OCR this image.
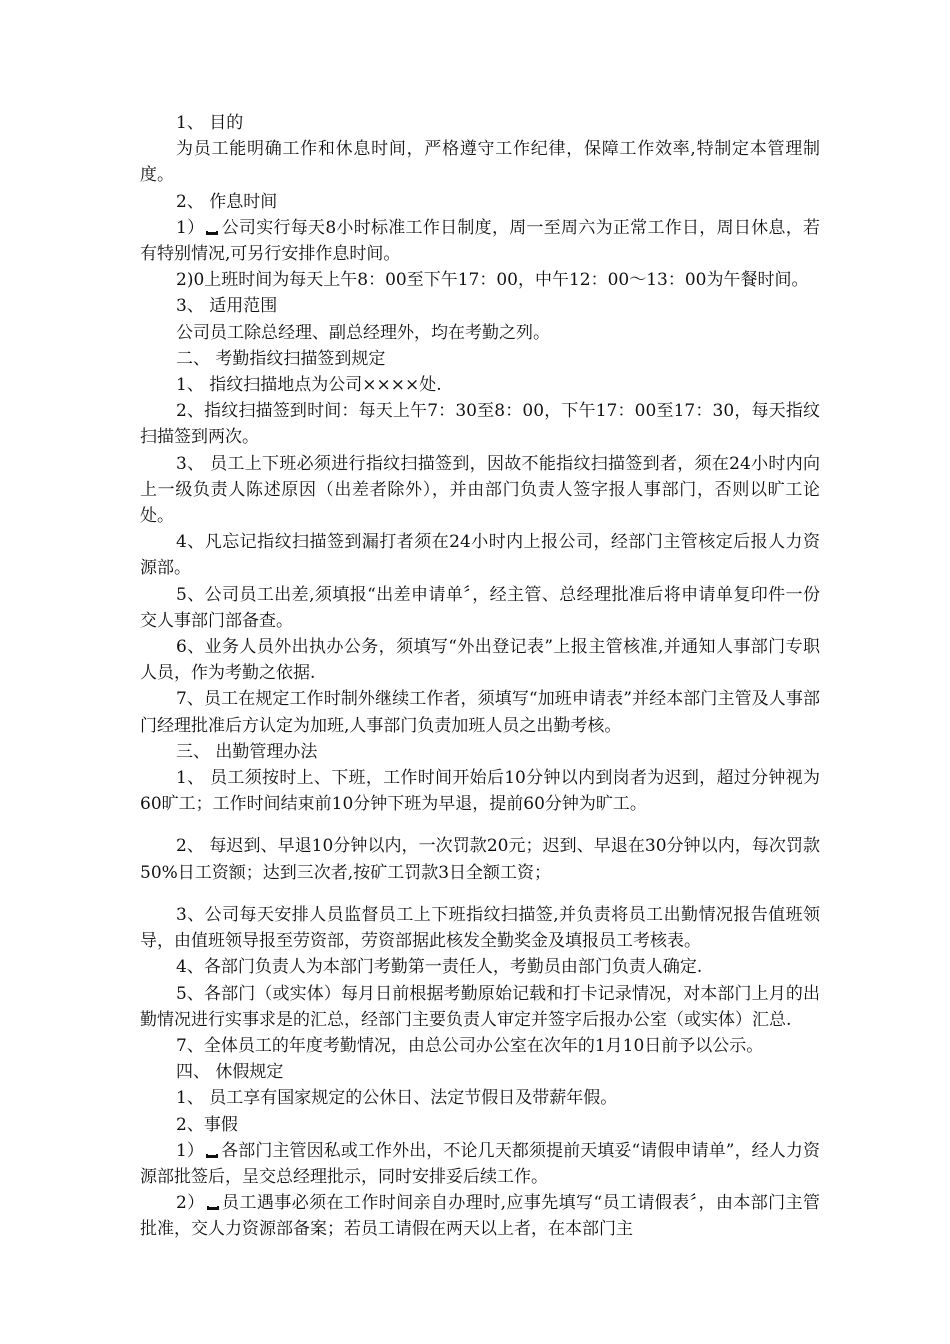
1、 目的

为员工能明确工作和休息时间，严格遵守工作纪律，保障工作效率,特制定本管理制度。

2、 作息时间

1） 公司实行每天8小时标准工作日制度，周一至周六为正常工作日，周日休息，若有特别情况,可另行安排作息时间。

2)0上班时间为每天上午8：00至下午17：00，中午12：00～13：00为午餐时间。

3、 适用范围

公司员工除总经理、副总经理外，均在考勤之列。

二、 考勤指纹扫描签到规定

1、 指纹扫描地点为公司××××处.

2、指纹扫描签到时间：每天上午7：30至8：00，下午17：00至17：30，每天指纹扫描签到两次。

3、 员工上下班必须进行指纹扫描签到，因故不能指纹扫描签到者，须在24小时内向上一级负责人陈述原因（出差者除外），并由部门负责人签字报人事部门，否则以旷工论处。

4、凡忘记指纹扫描签到漏打者须在24小时内上报公司，经部门主管核定后报人力资源部。

5、公司员工出差,须填报“出差申请单〞，经主管、总经理批准后将申请单复印件一份交人事部门部备查。

6、业务人员外出执办公务，须填写“外出登记表”上报主管核准,并通知人事部门专职人员，作为考勤之依据.

7、员工在规定工作时制外继续工作者，须填写“加班申请表”并经本部门主管及人事部门经理批准后方认定为加班,人事部门负责加班人员之出勤考核。

三、 出勤管理办法

1、 员工须按时上、下班，工作时间开始后10分钟以内到岗者为迟到，超过分钟视为60旷工；工作时间结束前10分钟下班为早退，提前60分钟为旷工。

2、 每迟到、早退10分钟以内，一次罚款20元；迟到、早退在30分钟以内，每次罚款50%日工资额；达到三次者,按矿工罚款3日全额工资；

3、公司每天安排人员监督员工上下班指纹扫描签,并负责将员工出勤情况报告值班领导，由值班领导报至劳资部，劳资部据此核发全勤奖金及填报员工考核表。

4、各部门负责人为本部门考勤第一责任人，考勤员由部门负责人确定.

5、各部门（或实体）每月日前根据考勤原始记载和打卡记录情况，对本部门上月的出勤情况进行实事求是的汇总，经部门主要负责人审定并签字后报办公室（或实体）汇总.

7、全体员工的年度考勤情况，由总公司办公室在次年的1月10日前予以公示。

四、 休假规定

1、 员工享有国家规定的公休日、法定节假日及带薪年假。

2、事假

1） 各部门主管因私或工作外出，不论几天都须提前天填妥“请假申请单”，经人力资源部批签后，呈交总经理批示，同时安排妥后续工作。

2） 员工遇事必须在工作时间亲自办理时,应事先填写“员工请假表〞，由本部门主管批准，交人力资源部备案；若员工请假在两天以上者，在本部门主
